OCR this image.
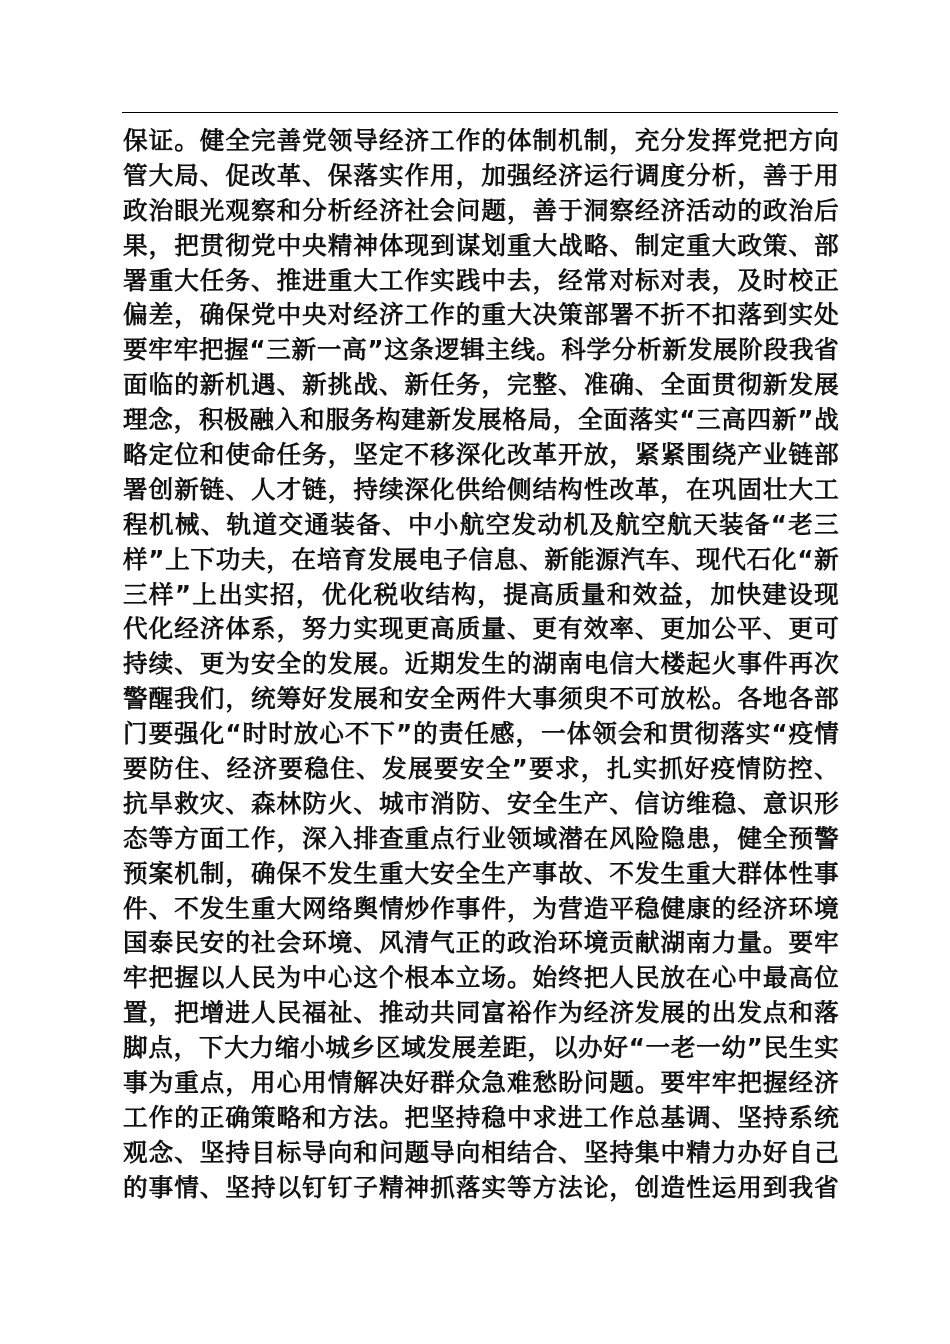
保证。健全完善党领导经济工作的体制机制，充分发挥党把方向
管大局、促改革、保落实作用，加强经济运行调度分析，善于用
政治眼光观察和分析经济社会问题，善于洞察经济活动的政治后
果，把贯彻党中央精神体现到谋划重大战略、制定重大政策、部
署重大任务、推进重大工作实践中去，经常对标对表，及时校正
偏差，确保党中央对经济工作的重大决策部署不折不扣落到实处
要牢牢把握“三新一高”这条逻辑主线。科学分析新发展阶段我省
面临的新机遇、新挑战、新任务，完整、准确、全面贯彻新发展
理念，积极融入和服务构建新发展格局，全面落实“三高四新”战
略定位和使命任务，坚定不移深化改革开放，紧紧围绕产业链部
署创新链、人才链，持续深化供给侧结构性改革，在巩固壮大工
程机械、轨道交通装备、中小航空发动机及航空航天装备“老三
样”上下功夫，在培育发展电子信息、新能源汽车、现代石化“新
三样”上出实招，优化税收结构，提高质量和效益，加快建设现
代化经济体系，努力实现更高质量、更有效率、更加公平、更可
持续、更为安全的发展。近期发生的湖南电信大楼起火事件再次
警醒我们，统筹好发展和安全两件大事须臾不可放松。各地各部
门要强化“时时放心不下”的责任感，一体领会和贯彻落实“疫情
要防住、经济要稳住、发展要安全”要求，扎实抓好疫情防控、
抗旱救灾、森林防火、城市消防、安全生产、信访维稳、意识形
态等方面工作，深入排查重点行业领域潜在风险隐患，健全预警
预案机制，确保不发生重大安全生产事故、不发生重大群体性事
件、不发生重大网络舆情炒作事件，为营造平稳健康的经济环境
国泰民安的社会环境、风清气正的政治环境贡献湖南力量。要牢
牢把握以人民为中心这个根本立场。始终把人民放在心中最高位
置，把增进人民福祉、推动共同富裕作为经济发展的出发点和落
脚点，下大力缩小城乡区域发展差距，以办好“一老一幼”民生实
事为重点，用心用情解决好群众急难愁盼问题。要牢牢把握经济
工作的正确策略和方法。把坚持稳中求进工作总基调、坚持系统
观念、坚持目标导向和问题导向相结合、坚持集中精力办好自己
的事情、坚持以钉钉子精神抓落实等方法论，创造性运用到我省
